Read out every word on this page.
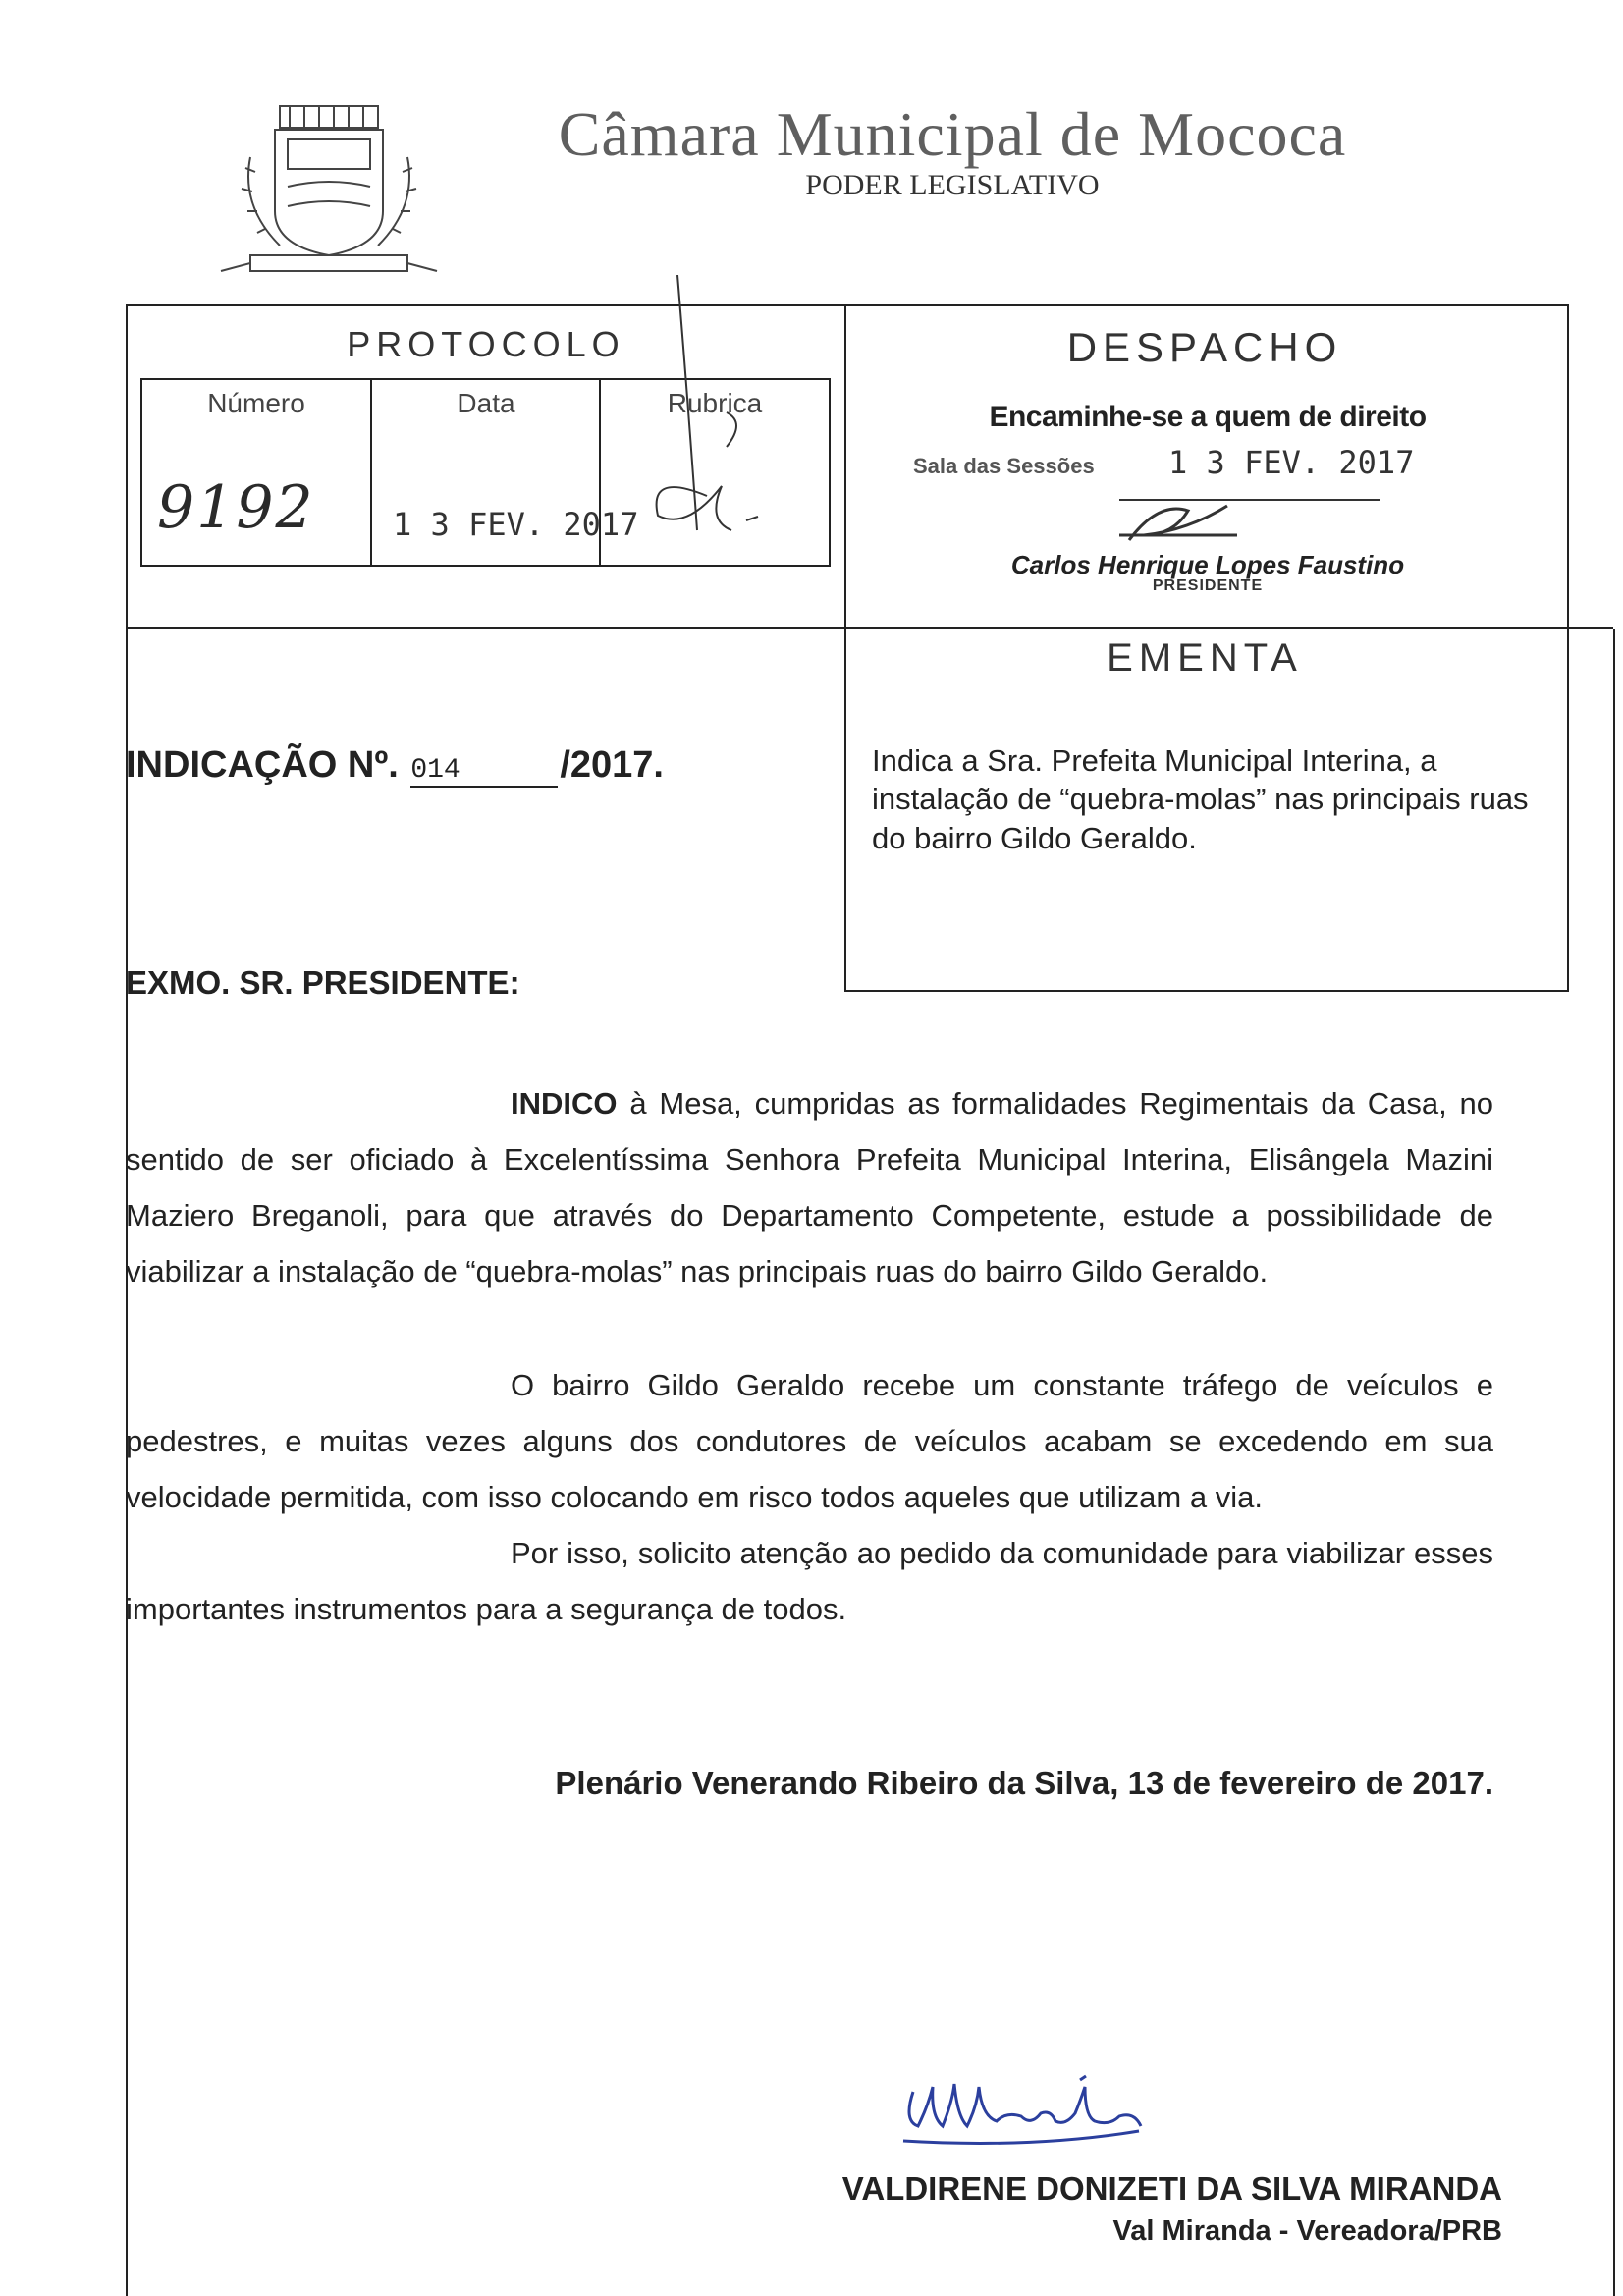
Câmara Municipal de Mococa
PODER LEGISLATIVO
PROTOCOLO
Número	Data	Rubrica
9192 1 3 FEV. 2017
DESPACHO
Encaminhe-se a quem de direito
Sala das Sessões 1 3 FEV. 2017
Carlos Henrique Lopes Faustino
PRESIDENTE
EMENTA
Indica a Sra. Prefeita Municipal Interina, a instalação de “quebra-molas” nas principais ruas do bairro Gildo Geraldo.
INDICAÇÃO Nº. 014	/2017.
EXMO. SR. PRESIDENTE:
INDICO à Mesa, cumpridas as formalidades Regimentais da Casa, no sentido de ser oficiado à Excelentíssima Senhora Prefeita Municipal Interina, Elisângela Mazini Maziero Breganoli, para que através do Departamento Competente, estude a possibilidade de viabilizar a instalação de “quebra-molas” nas principais ruas do bairro Gildo Geraldo.
O bairro Gildo Geraldo recebe um constante tráfego de veículos e pedestres, e muitas vezes alguns dos condutores de veículos acabam se excedendo em sua velocidade permitida, com isso colocando em risco todos aqueles que utilizam a via.
Por isso, solicito atenção ao pedido da comunidade para viabilizar esses importantes instrumentos para a segurança de todos.
Plenário Venerando Ribeiro da Silva, 13 de fevereiro de 2017.
VALDIRENE DONIZETI DA SILVA MIRANDA
Val Miranda - Vereadora/PRB
